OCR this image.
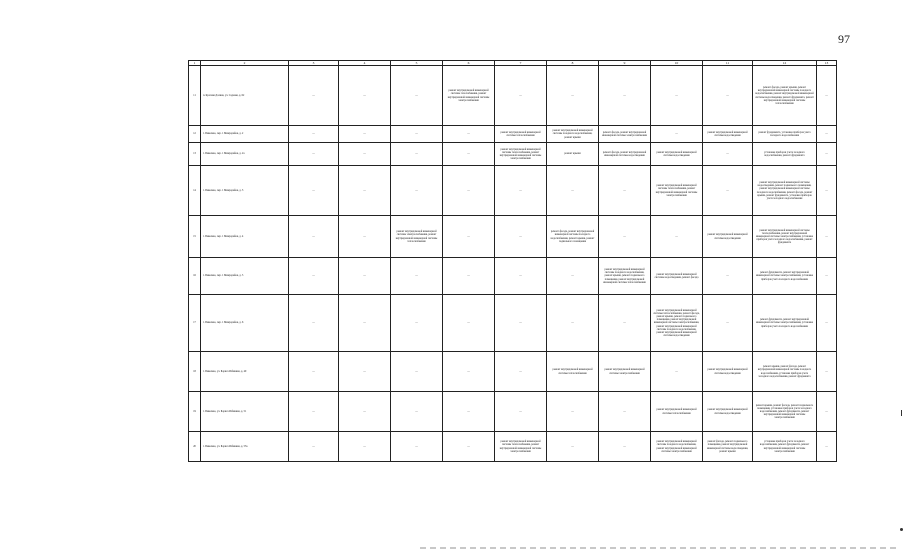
97
1	2	3	4	5	6	7	8	9	10	11	12	13
11	п. Красная Долина, ул. Садовая, д. 62	—	—	—	ремонт внутридомовой инженерной системы газоснабжения, ремонт внутридомовой инженерной системы электроснабжения	—	—	—	—	—	ремонт фасада, ремонт крыши, ремонт внутридомовой инженерной системы холодного водоснабжения, ремонт внутридомовой инженерной системы водоотведения, ремонт фундамента, ремонт внутридомовой инженерной системы теплоснабжения	—
12	г. Пикалево, пер. 1 Микрорайон, д. 2	—	—	—	—	ремонт внутридомовой инженерной системы теплоснабжения	ремонт внутридомовой инженерной системы холодного водоснабжения, ремонт крыши	ремонт фасада, ремонт внутридомовой инженерной системы электроснабжения	—	ремонт внутридомовой инженерной системы водоотведения	ремонт фундамента, установка приборов учета холодного водоснабжения	—
13	г. Пикалево, пер. 1 Микрорайон, д. 2а	—	—	—	—	ремонт внутридомовой инженерной системы теплоснабжения, ремонт внутридомовой инженерной системы электроснабжения	ремонт крыши	ремонт фасада, ремонт внутридомовой инженерной системы водоотведения	ремонт внутридомовой инженерной системы водоотведения	—	установка приборов учета холодного водоснабжения, ремонт фундамента	—
14	г. Пикалево, пер. 1 Микрорайон, д. 3	—	—	—	—	—	—	—	ремонт внутридомовой инженерной системы теплоснабжения, ремонт внутридомовой инженерной системы электроснабжения	—	ремонт внутридомовой инженерной системы водоотведения, ремонт подвального помещения, ремонт внутридомовой инженерной системы холодного водоснабжения, ремонт фасада, ремонт крыши, ремонт фундамента, установка приборов учета холодного водоснабжения	—
15	г. Пикалево, пер. 1 Микрорайон, д. 4	—	—	ремонт внутридомовой инженерной системы электроснабжения, ремонт внутридомовой инженерной системы теплоснабжения	—	—	ремонт фасада, ремонт внутридомовой инженерной системы холодного водоснабжения, ремонт крыши, ремонт подвального помещения	—	—	ремонт внутридомовой инженерной системы водоотведения	ремонт внутридомовой инженерной системы теплоснабжения, ремонт внутридомовой инженерной системы электроснабжения, установка приборов учета холодного водоснабжения, ремонт фундамента	—
16	г. Пикалево, пер. 1 Микрорайон, д. 5	—	—	—	—	—	—	ремонт внутридомовой инженерной системы холодного водоснабжения, ремонт крыши, ремонт подвального помещения, ремонт внутридомовой инженерной системы теплоснабжения	ремонт внутридомовой инженерной системы водоотведения, ремонт фасада	—	ремонт фундамента, ремонт внутридомовой инженерной системы электроснабжения, установка приборов учета холодного водоснабжения	—
17	г. Пикалево, пер. 1 Микрорайон, д. 6	—	—	—	—	—	—	—	ремонт внутридомовой инженерной системы теплоснабжения, ремонт фасада, ремонт крыши, ремонт подвального помещения, ремонт внутридомовой инженерной системы электроснабжения, ремонт внутридомовой инженерной системы холодного водоснабжения, ремонт внутридомовой инженерной системы водоотведения	—	ремонт фундамента, ремонт внутридомовой инженерной системы электроснабжения, установка приборов учета холодного водоснабжения	—
18	г. Пикалево, ул. Бориса Рябинина, д. 49	—	—	—	—	—	ремонт внутридомовой инженерной системы теплоснабжения	ремонт внутридомовой инженерной системы электроснабжения	—	ремонт внутридомовой инженерной системы водоотведения	ремонт крыши, ремонт фасада, ремонт внутридомовой инженерной системы холодного водоснабжения, установка приборов учета холодного водоснабжения, ремонт фундамента	—
19	г. Пикалево, ул. Бориса Рябинина, д. 51	—	—	—	—	—	—	—	ремонт внутридомовой инженерной системы теплоснабжения	ремонт внутридомовой инженерной системы водоотведения	ремонт крыши, ремонт фасада, ремонт подвального помещения, установка приборов учета холодного водоснабжения, ремонт фундамента, ремонт внутридомовой инженерной системы электроснабжения	—
20	г. Пикалево, ул. Бориса Рябинина, д. 53а	—	—	—	—	ремонт внутридомовой инженерной системы теплоснабжения, ремонт внутридомовой инженерной системы электроснабжения	—	—	ремонт внутридомовой инженерной системы холодного водоснабжения, ремонт внутридомовой инженерной системы электроснабжения	ремонт фасада, ремонт подвального помещения, ремонт внутридомовой инженерной системы водоотведения, ремонт крыши	установка приборов учета холодного водоснабжения, ремонт фундамента, ремонт внутридомовой инженерной системы электроснабжения	—
